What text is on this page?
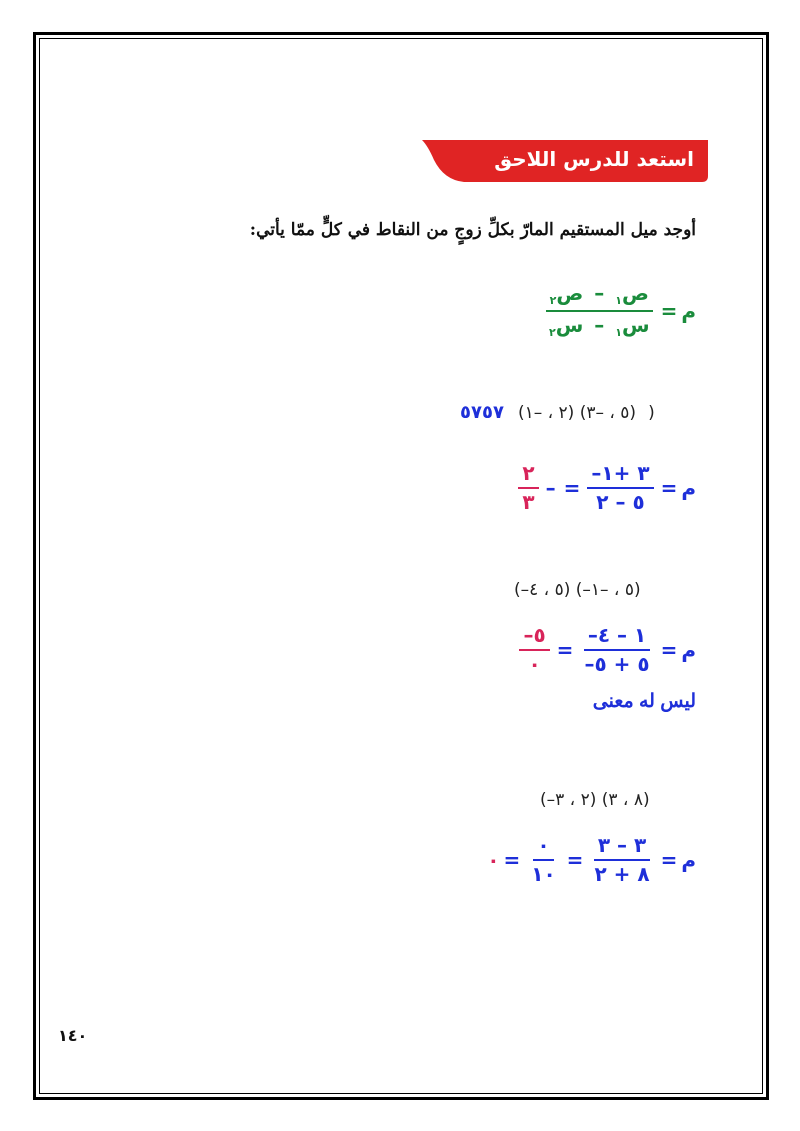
استعد للدرس اللاحق
أوجد ميل المستقيم المارّ بكلِّ زوجٍ من النقاط في كلٍّ ممّا يأتي:
$\frac{ص_١ - ص_٢}{س_١ - س_٢}$ = م
٥٧٥٧ (٢ ، –١) (٥ ، –٣) )
$\frac{٢}{٣}$ – = $\frac{-٣ +١}{٥ - ٢}$ = م
(–٥ ، ٤) (–٥ ، –١)
$\frac{-٥}{٠} = \frac{-١ - ٤}{-٥ + ٥}$ = م
ليس له معنى
(–٢ ، ٣) (٨ ، ٣)
٠ = $\frac{٠}{١٠} = \frac{٣ - ٣}{٨ + ٢}$ = م
١٤٠
